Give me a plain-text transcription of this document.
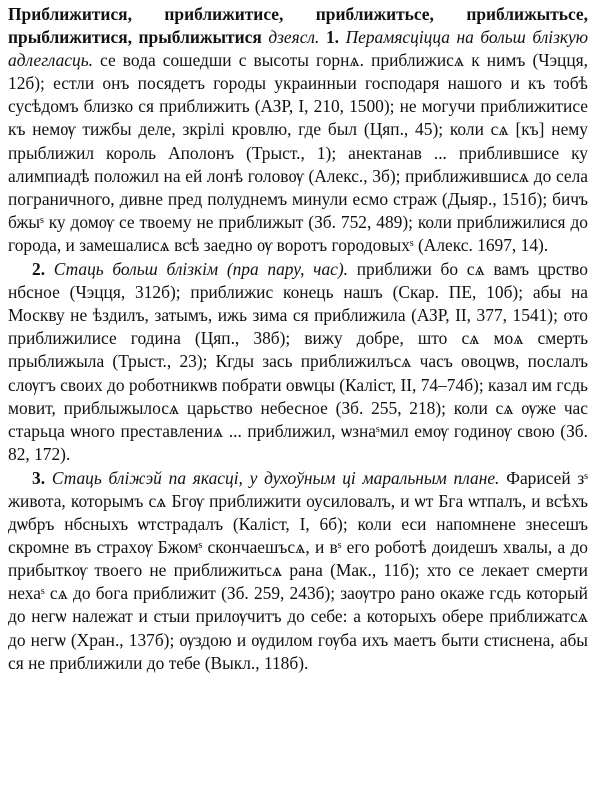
Приближитися, приближитисе, приближитьсе, приближытьсе, прыближитися, прыближытися дзеясл. 1. Перамясціцца на больш блізкую адлегласць. се вода сошедши с высоты горнѧ. приближисѧ к нимъ (Чэцця, 12б); естли онъ посядетъ городы украинныи господаря нашого и къ тобѣ сусѣдомъ близко ся приближить (АЗР, I, 210, 1500); не могучи приближитисе къ немѹ тижбы деле, зкрілі кровлю, где был (Цяп., 45); коли сѧ [къ] нему прыближил король Аполонъ (Трыст., 1); анектанав ... приблившисе ку алимпиадѣ положил на ей лонѣ головѹ (Алекс., 3б); приближившисѧ до села пограничного, дивне пред полуднемъ минули есмо страж (Дыяр., 151б); бичъ бжыˢ ку домѹ се твоему не приближыт (Зб. 752, 489); коли приближилися до города, и замешалисѧ всѣ заедно ѹ воротъ городовыхˢ (Алекс. 1697, 14).

2. Стаць больш блізкім (пра пару, час). приближи бо сѧ вамъ црство нбсное (Чэцця, 312б); приближис конець нашъ (Скар. ПЕ, 10б); абы на Москву не ѣздилъ, затымъ, ижь зима ся приближила (АЗР, II, 377, 1541); ото приближилисе година (Цяп., 38б); вижу добре, што сѧ моѧ смерть прыближыла (Трыст., 23); Кгды зась приближилъсѧ часъ овоцѡв, послалъ слѹгъ своих до роботникѡв побрати овѡцы (Каліст, II, 74–74б); казал им гсдь мовит, приблыжылосѧ царьство небесное (Зб. 255, 218); коли сѧ ѹже час старьца ѡного преставлениѧ ... приближил, ѡзнаˢмил емѹ годинѹ свою (Зб. 82, 172).

3. Стаць бліжэй па якасці, у духоўным ці маральным плане. Фарисей зˢ живота, которымъ сѧ Бгѹ приближити оусиловалъ, и ѡт Бга ѡтпалъ, и всѣхъ дѡбръ нбсныхъ ѡтстрадалъ (Каліст, I, 6б); коли еси напомнене знесешъ скромне въ страхѹ Бжомˢ скончаешъсѧ, и вˢ его роботѣ доидешъ хвалы, а до прибыткѹ твоего не приближитьсѧ рана (Мак., 11б); хто се лекает смерти нехаˢ сѧ до бога приближит (Зб. 259, 243б); заѹтро рано окаже гсдь который до негѡ належат и стыи прилѹчитъ до себе: а которыхъ обере приближатсѧ до негѡ (Хран., 137б); ѹздою и ѹдилом гѹба ихъ маетъ быти стиснена, абы ся не приближили до тебе (Выкл., 118б).
